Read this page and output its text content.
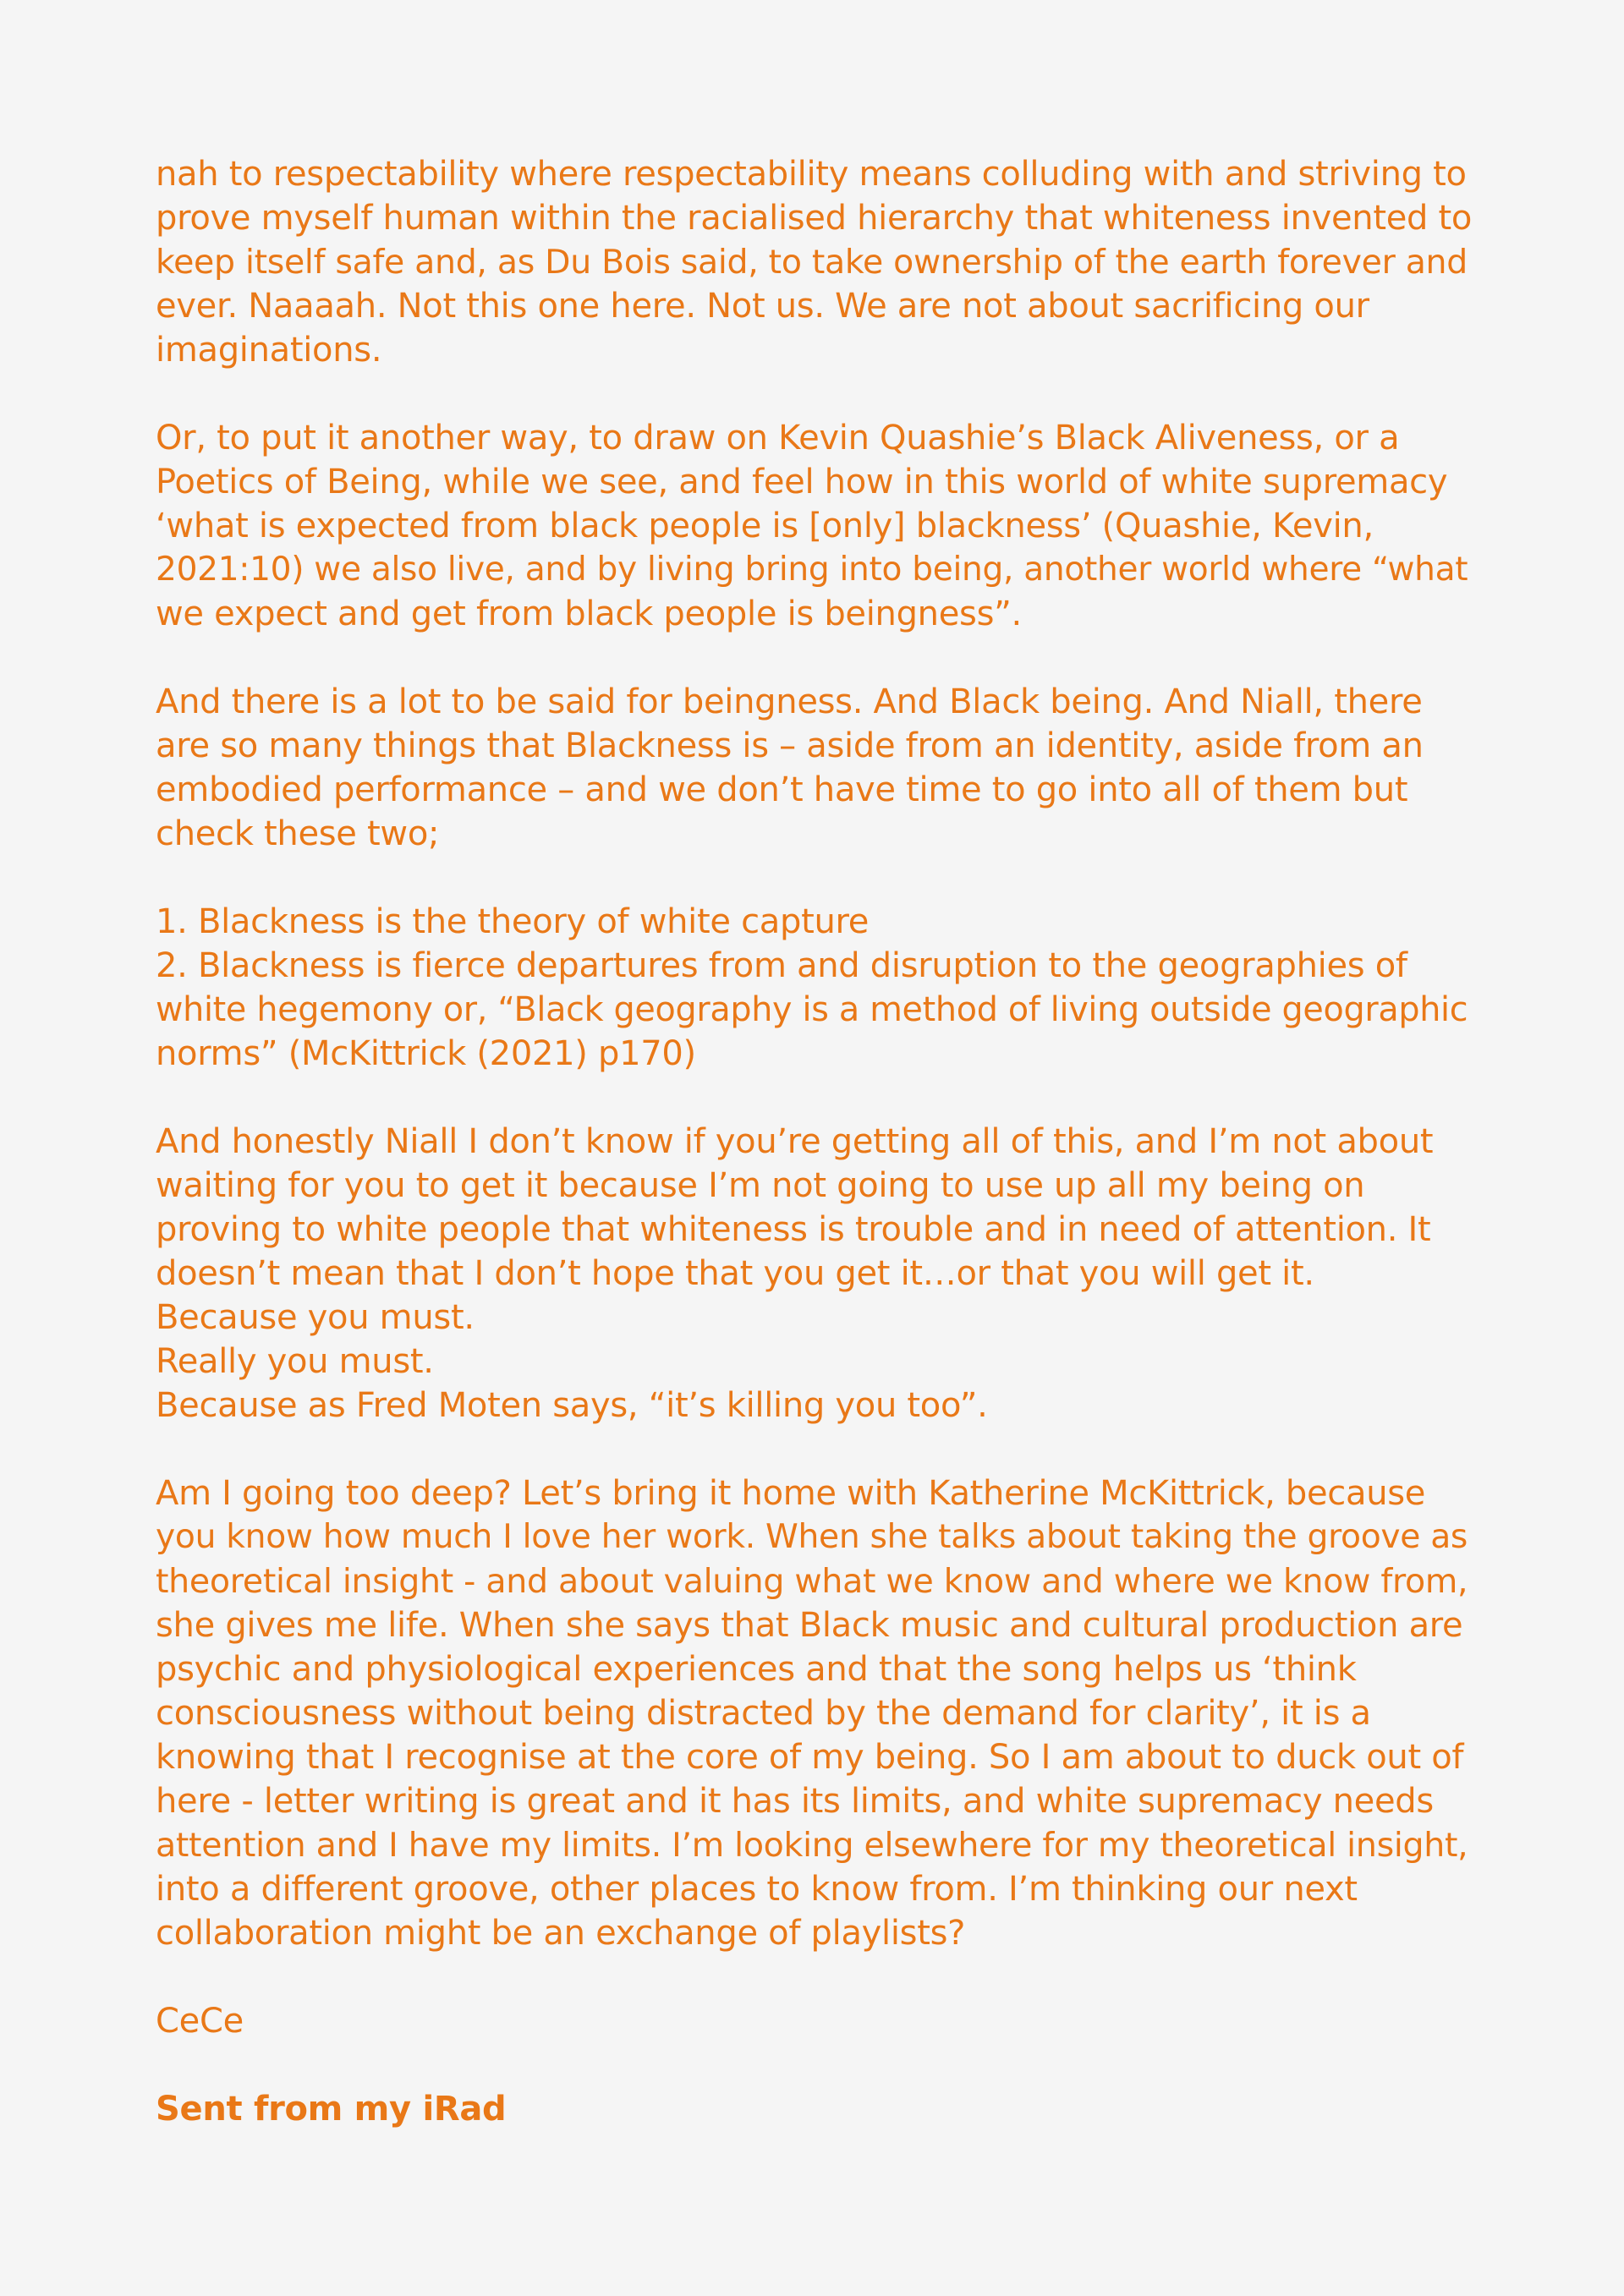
nah to respectability where respectability means colluding with and striving to
prove myself human within the racialised hierarchy that whiteness invented to
keep itself safe and, as Du Bois said, to take ownership of the earth forever and
ever. Naaaah. Not this one here. Not us. We are not about sacrificing our
imaginations.

Or, to put it another way, to draw on Kevin Quashie’s Black Aliveness, or a
Poetics of Being, while we see, and feel how in this world of white supremacy
‘what is expected from black people is [only] blackness’ (Quashie, Kevin,
2021:10) we also live, and by living bring into being, another world where “what
we expect and get from black people is beingness”.

And there is a lot to be said for beingness. And Black being. And Niall, there
are so many things that Blackness is – aside from an identity, aside from an
embodied performance – and we don’t have time to go into all of them but
check these two;

1. Blackness is the theory of white capture
2. Blackness is fierce departures from and disruption to the geographies of
white hegemony or, “Black geography is a method of living outside geographic
norms” (McKittrick (2021) p170)

And honestly Niall I don’t know if you’re getting all of this, and I’m not about
waiting for you to get it because I’m not going to use up all my being on
proving to white people that whiteness is trouble and in need of attention. It
doesn’t mean that I don’t hope that you get it…or that you will get it.
Because you must.
Really you must.
Because as Fred Moten says, “it’s killing you too”.

Am I going too deep? Let’s bring it home with Katherine McKittrick, because
you know how much I love her work. When she talks about taking the groove as
theoretical insight - and about valuing what we know and where we know from,
she gives me life. When she says that Black music and cultural production are
psychic and physiological experiences and that the song helps us ‘think
consciousness without being distracted by the demand for clarity’, it is a
knowing that I recognise at the core of my being. So I am about to duck out of
here - letter writing is great and it has its limits, and white supremacy needs
attention and I have my limits. I’m looking elsewhere for my theoretical insight,
into a different groove, other places to know from. I’m thinking our next
collaboration might be an exchange of playlists?

CeCe

Sent from my iRad
